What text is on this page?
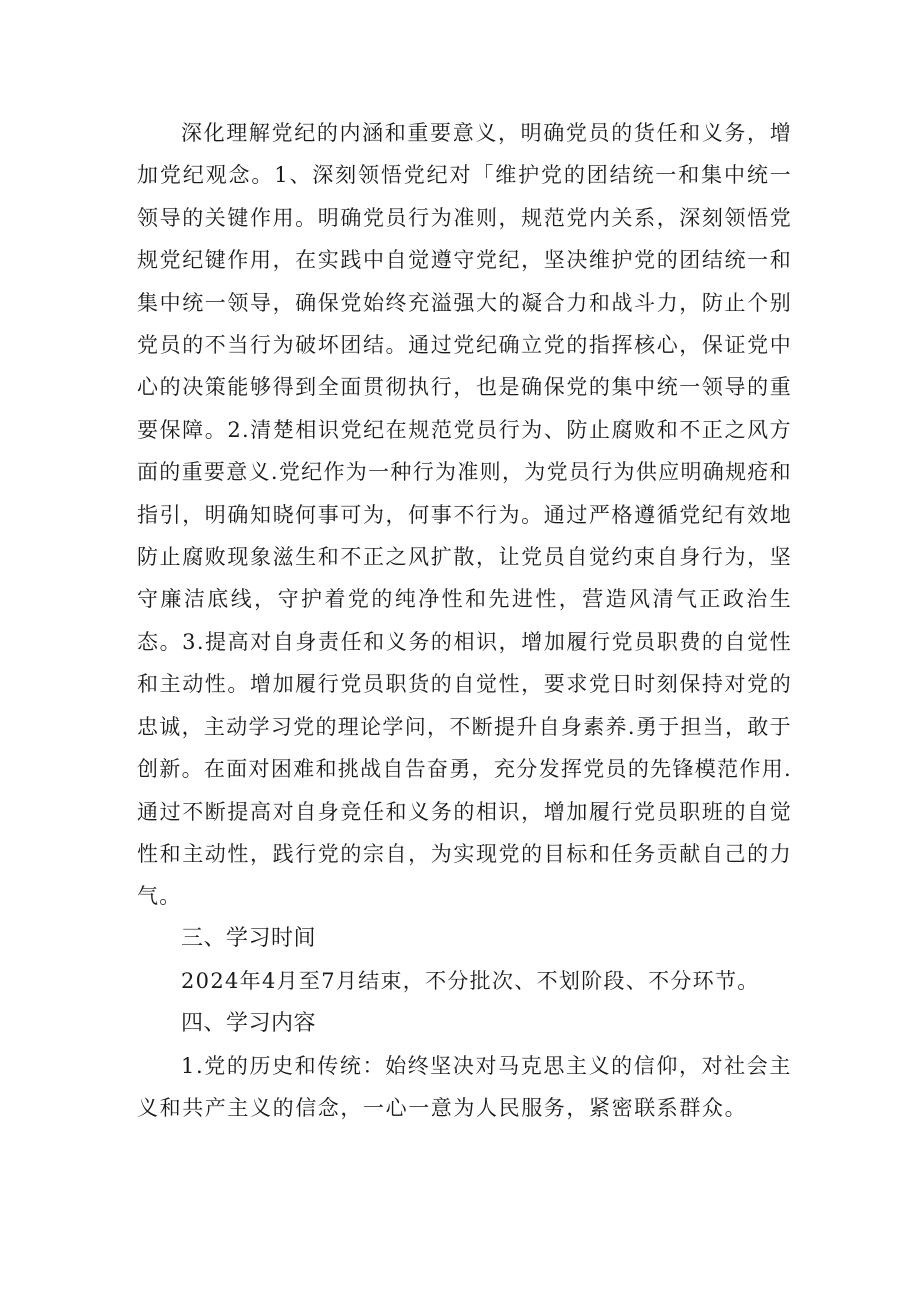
深化理解党纪的内涵和重要意义，明确党员的货任和义务，增加党纪观念。1、深刻领悟党纪对「维护党的团结统一和集中统一领导的关键作用。明确党员行为准则，规范党内关系，深刻领悟党规党纪键作用，在实践中自觉遵守党纪，坚决维护党的团结统一和集中统一领导，确保党始终充溢强大的凝合力和战斗力，防止个别党员的不当行为破坏团结。通过党纪确立党的指挥核心，保证党中心的决策能够得到全面贯彻执行，也是确保党的集中统一领导的重要保障。2.清楚相识党纪在规范党员行为、防止腐败和不正之风方面的重要意义.党纪作为一种行为准则，为党员行为供应明确规疮和指引，明确知晓何事可为，何事不行为。通过严格遵循党纪有效地防止腐败现象滋生和不正之风扩散，让党员自觉约束自身行为，坚守廉洁底线，守护着党的纯净性和先进性，营造风清气正政治生态。3.提高对自身责任和义务的相识，增加履行党员职费的自觉性和主动性。增加履行党员职货的自觉性，要求党日时刻保持对党的忠诚，主动学习党的理论学问，不断提升自身素养.勇于担当，敢于创新。在面对困难和挑战自告奋勇，充分发挥党员的先锋模范作用.通过不断提高对自身竞任和义务的相识，增加履行党员职班的自觉性和主动性，践行党的宗自，为实现党的目标和任务贡献自己的力气。

三、学习时间

2024年4月至7月结束，不分批次、不划阶段、不分环节。

四、学习内容

1.党的历史和传统：始终坚决对马克思主义的信仰，对社会主义和共产主义的信念，一心一意为人民服务，紧密联系群众。
